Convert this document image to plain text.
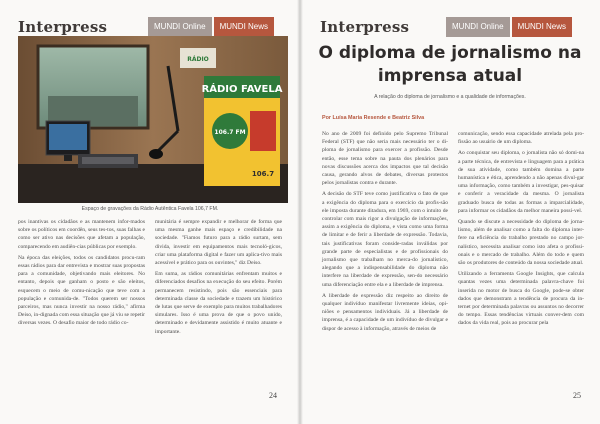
Interpress	MUNDI Online	MUNDI News
RÁDIO FAVELA
106.7 FM
106.7
RÁDIO
Espaço de gravações da Rádio Autêntica Favela 106,7 FM.

pos inantivas os cidadãos e as mantenem infor-mados sobre os políticos em coordên, seus tes-tos, suas falhas e como ser ativo nas decisões que afetam a população, comparecendo em audiên-cias públicas por exemplo.

Na época das eleições, todos os candidatos procu-ram essas rádios para dar entrevista e mostrar suas propostas para a comunidade, objetivando mais eleitores. No entanto, depois que ganham o posto e são eleitos, esquecem o meio de comu-nicação que teve com a população e comunida-de. "Todos querem ser nossos parceiros, mas nunca investir na nosso rádio," afirma Deiso, in-dignada com essa situação que já viu se repetir diversas vezes. O desafio maior de todo rádio co-

munitária é sempre expandir e melhorar de forma que uma mesma ganhe mais espaço e credibilidade na sociedade. "Fiamos futuro para a rádio surtam, sem divida, investir em equipamentos mais tecnoló-gicos, criar uma plataforma digital e fazer um aplica-tivo mais acessível e prático para os ouvintes," diz Deiso.

Em suma, as rádios comunitárias enfrentam muitos e diferenciados desafios na execução do seu efeito. Porém permanecem resistindo, pois são essenciais para determinada classe da sociedade e trazem um histórico de lutas que serve de exemplo para muitos trabalhadores simulares. Isso é uma prova de que o povo unido, determinado e devidamente assistido é muito atuante e importante.

24
Interpress	MUNDI Online	MUNDI News
O diploma de jornalismo na
imprensa atual
A relação do diploma de jornalismo e a qualidade de informações.
Por Luísa Maria Resende e Beatriz Silva

No ano de 2009 foi definido pelo Supremo Tribunal Federal (STF) que não seria mais necessário ter o di-ploma de jornalismo para exercer a profissão. Desde então, esse tema sobre na pauta dos plenários para novas discussões acerca dos impactos que tal decisão causa, gerando alvos de debates, diversas protestos pelos jornalistas contra e durante.

A decisão do STF teve como justificativa o fato de que a exigência do diploma para o exercício da profis-são ele imposta durante ditadura, em 1969, com o intuito de controlar com mais rigor a divulgação de informações, assim a exigência do diploma, e vista como uma forma de limitar e de ferir a liberdade de expressão. Todavia, tais justificativas foram conside-radas inválidas por grande parte de especialistas e de profissionais do jornalismo que trabalham no merca-do jornalístico, alegando que a indispensabilidade do diploma não interfere na liberdade de expressão, sen-do necessário uma diferenciação entre ela e a liberdade de imprensa.

A liberdade de expressão diz respeito ao direito de qualquer indivíduo manifestar livremente ideias, opi-niões e pensamentos individuais. Já a liberdade de imprensa, é a capacidade de um indivíduo de divulgar e dispor de acesso à informação, através de meios de

comunicação, sendo essa capacidade atrelada pela pro-fissão ao usuário de um diploma.

Ao conquistar seu diploma, o jornalista não só domi-na a parte técnica, de entrevista e linguagem para a prática de sua atividade, como também domina a parte humanística e ética, aprendendo a não apenas divul-gar uma informação, como também a investigar, pes-quisar e conferir a veracidade da mesma. O jornalista graduado busca de todas as formas a imparcialidade, para informar os cidadãos da melhor maneira possí-vel.

Quando se discute a necessidade do diploma de jorna-lismo, além de analisar como a falta do diploma inter-fere na eficiência do trabalho prestado no campo jor-nalístico, necessita analisar como isto afeta o profissi-onais e o mercado de trabalho. Além do todo e quem são os produtores de conteúdo da nossa sociedade atual.

Utilizando a ferramenta Google Insights, que calcula quantas vezes uma determinada palavra-chave foi inserida no motor de busca do Google, pode-se obter dados que demonstram a tendência de procura da in-ternet por determinada palavras ou assuntos no decorrer do tempo. Essas tendências virtuais conver-dem com dados da vida real, pois ao procurar pela

25
